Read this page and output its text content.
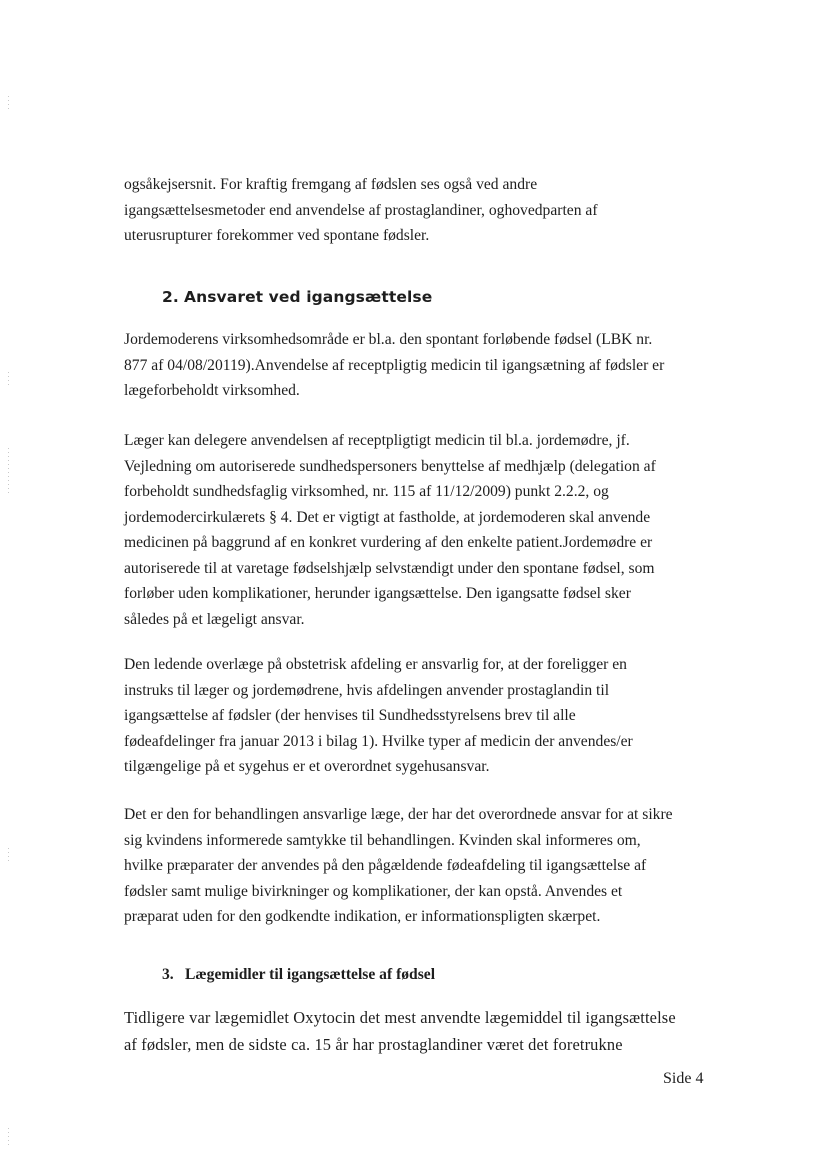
ogsåkejsersnit. For kraftig fremgang af fødslen ses også ved andre
igangsættelsesmetoder end anvendelse af prostaglandiner, oghovedparten af
uterusrupturer forekommer ved spontane fødsler.

2. Ansvaret ved igangsættelse

Jordemoderens virksomhedsområde er bl.a. den spontant forløbende fødsel (LBK nr.
877 af 04/08/20119).Anvendelse af receptpligtig medicin til igangsætning af fødsler er
lægeforbeholdt virksomhed.

Læger kan delegere anvendelsen af receptpligtigt medicin til bl.a. jordemødre, jf.
Vejledning om autoriserede sundhedspersoners benyttelse af medhjælp (delegation af
forbeholdt sundhedsfaglig virksomhed, nr. 115 af 11/12/2009) punkt 2.2.2, og
jordemodercirkulærets § 4. Det er vigtigt at fastholde, at jordemoderen skal anvende
medicinen på baggrund af en konkret vurdering af den enkelte patient.Jordemødre er
autoriserede til at varetage fødselshjælp selvstændigt under den spontane fødsel, som
forløber uden komplikationer, herunder igangsættelse. Den igangsatte fødsel sker
således på et lægeligt ansvar.

Den ledende overlæge på obstetrisk afdeling er ansvarlig for, at der foreligger en
instruks til læger og jordemødrene, hvis afdelingen anvender prostaglandin til
igangsættelse af fødsler (der henvises til Sundhedsstyrelsens brev til alle
fødeafdelinger fra januar 2013 i bilag 1). Hvilke typer af medicin der anvendes/er
tilgængelige på et sygehus er et overordnet sygehusansvar.

Det er den for behandlingen ansvarlige læge, der har det overordnede ansvar for at sikre
sig kvindens informerede samtykke til behandlingen. Kvinden skal informeres om,
hvilke præparater der anvendes på den pågældende fødeafdeling til igangsættelse af
fødsler samt mulige bivirkninger og komplikationer, der kan opstå. Anvendes et
præparat uden for den godkendte indikation, er informationspligten skærpet.

3. Lægemidler til igangsættelse af fødsel

Tidligere var lægemidlet Oxytocin det mest anvendte lægemiddel til igangsættelse
af fødsler, men de sidste ca. 15 år har prostaglandiner været det foretrukne

Side 4
